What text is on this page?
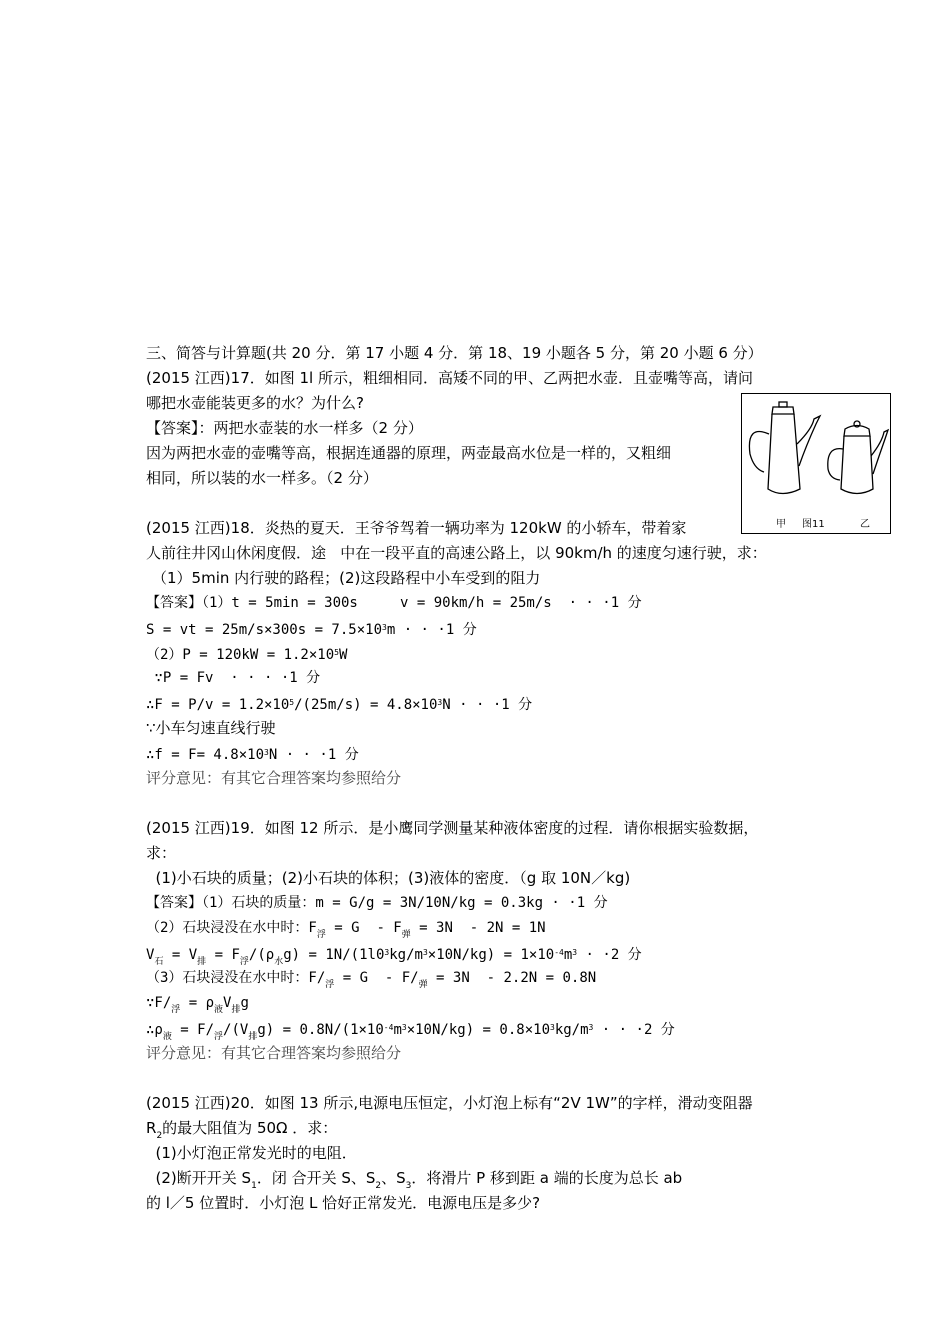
三、简答与计算题(共 20 分．第 17 小题 4 分．第 18、19 小题各 5 分，第 20 小题 6 分）
(2015 江西)17．如图 1l 所示，粗细相同．高矮不同的甲、乙两把水壶．且壶嘴等高，请问
哪把水壶能装更多的水？为什么?
【答案】：两把水壶装的水一样多（2 分）
因为两把水壶的壶嘴等高，根据连通器的原理，两壶最高水位是一样的，又粗细
相同，所以装的水一样多。（2 分）
甲 图11	乙
(2015 江西)18．炎热的夏天．王爷爷驾着一辆功率为 120kW 的小轿车，带着家
人前往井冈山休闲度假．途   中在一段平直的高速公路上，以 90km/h 的速度匀速行驶，求：
（1）5min 内行驶的路程；(2)这段路程中小车受到的阻力
【答案】（1）t = 5min = 300s     v = 90km/h = 25m/s  · · ·1 分
S = vt = $25m/s\times 300s = 7.5\times 10^3m$ · · ·1 分
$(2)P = 120kW = 1.2\times 10^5W$
∵P = Fv  · · · ·1 分
∴F = $P/v = 1.2\times 10^5/(25m/s) = 4.8\times 10^3N$ · · ·1 分
∵小车匀速直线行驶
∴f = $F= 4.8\times 10^3N$ · · ·1 分
评分意见：有其它合理答案均参照给分
(2015 江西)19．如图 12 所示．是小鹰同学测量某种液体密度的过程．请你根据实验数据，
求：
(1)小石块的质量；(2)小石块的体积；(3)液体的密度．（g 取 10N／kg)
【答案】（1）石块的质量：m = G/g = 3N/10N/kg = 0.3kg · ·1 分
（2）石块浸没在水中时：$F_浮 = G - F_弹 = 3N - 2N = 1N$
$V_石 = V_排 = F_浮/(\rho_水g) = 1N/(1l0^3kg/m^3\times 10N/kg) = 1\times 10^{-4}m^3 \cdot \cdot 2$ 分
（3）石块浸没在水中时：$F/_浮 = G - F/_弹 = 3N - 2.2N = 0.8N$
$\because F/_浮 = \rho_液V_排g$
$\therefore\rho_液 = F/_浮/(V_排g) = 0.8N/(1\times 10^{-4}m^3\times 10N/kg) = 0.8\times 10^3kg/m^3$ · · ·2 分
评分意见：有其它合理答案均参照给分
(2015 江西)20．如图 13 所示,电源电压恒定，小灯泡上标有“2V 1W”的字样，滑动变阻器
$R_2$的最大阻值为 50Ω ．求：
(1)小灯泡正常发光时的电阻．
(2)断开开关 $S_1$．闭 合开关 S、$S_2$、$S_3$．将滑片 P 移到距 a 端的长度为总长 ab
的 l／5 位置时．小灯泡 L 恰好正常发光．电源电压是多少?
